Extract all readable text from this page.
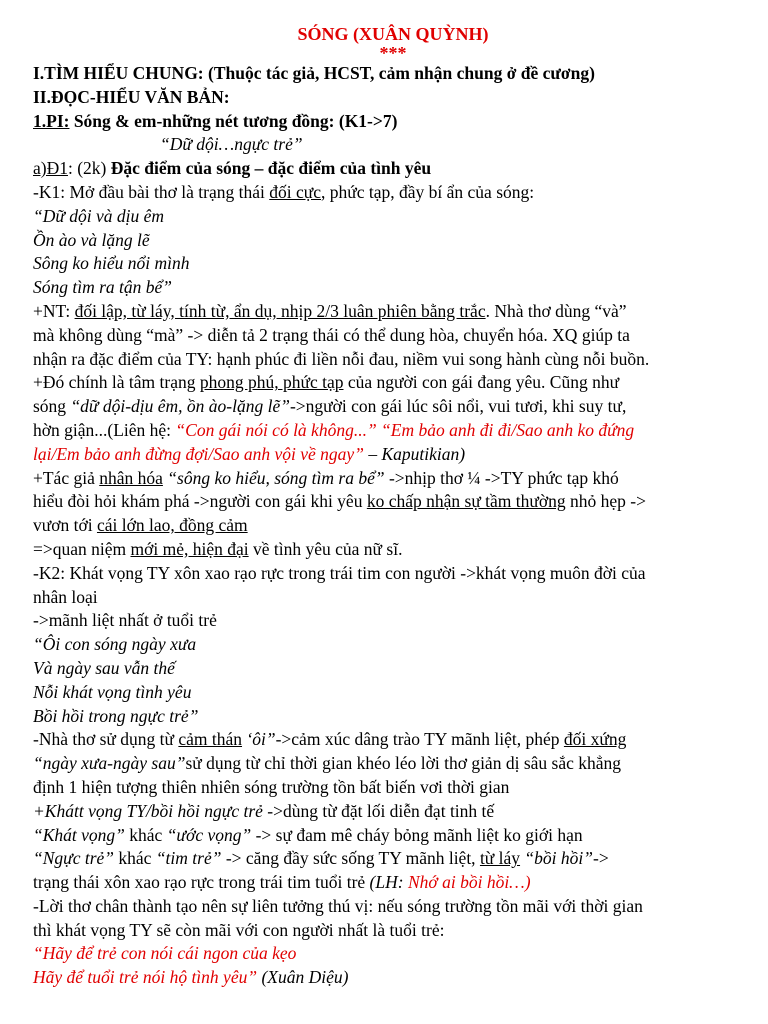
SÓNG (XUÂN QUỲNH)
***
I.TÌM HIỂU CHUNG: (Thuộc tác giả, HCST, cảm nhận chung ở đề cương)
II.ĐỌC-HIỂU VĂN BẢN:
1.PI: Sóng & em-những nét tương đồng: (K1->7)
“Dữ dội…ngực trẻ”
a)Đ1: (2k) Đặc điểm của sóng – đặc điểm của tình yêu
-K1: Mở đầu bài thơ là trạng thái đối cực, phức tạp, đầy bí ẩn của sóng:
“Dữ dội và dịu êm
Ồn ào và lặng lẽ
Sông ko hiểu nổi mình
Sóng tìm ra tận bể”
+NT: đối lập, từ láy, tính từ, ẩn dụ, nhịp 2/3 luân phiên bằng trắc. Nhà thơ dùng “và”
mà không dùng “mà” -> diễn tả 2 trạng thái có thể dung hòa, chuyển hóa. XQ giúp ta
nhận ra đặc điểm của TY: hạnh phúc đi liền nỗi đau, niềm vui song hành cùng nỗi buồn.
+Đó chính là tâm trạng phong phú, phức tạp của người con gái đang yêu. Cũng như
sóng “dữ dội-dịu êm, ồn ào-lặng lẽ”->người con gái lúc sôi nổi, vui tươi, khi suy tư,
hờn giận...(Liên hệ: “Con gái nói có là không...” “Em bảo anh đi đi/Sao anh ko đứng
lại/Em bảo anh đừng đợi/Sao anh vội về ngay” – Kaputikian)
+Tác giả nhân hóa “sông ko hiểu, sóng tìm ra bể” ->nhịp thơ ¼ ->TY phức tạp khó
hiểu đòi hỏi khám phá ->người con gái khi yêu ko chấp nhận sự tầm thường nhỏ hẹp ->
vươn tới cái lớn lao, đồng cảm
=>quan niệm mới mẻ, hiện đại về tình yêu của nữ sĩ.
-K2: Khát vọng TY xôn xao rạo rực trong trái tim con người ->khát vọng muôn đời của
nhân loại
->mãnh liệt nhất ở tuổi trẻ
“Ôi con sóng ngày xưa
Và ngày sau vẫn thế
Nỗi khát vọng tình yêu
Bồi hồi trong ngực trẻ”
-Nhà thơ sử dụng từ cảm thán ‘ôi”->cảm xúc dâng trào TY mãnh liệt, phép đối xứng
“ngày xưa-ngày sau”sử dụng từ chỉ thời gian khéo léo lời thơ giản dị sâu sắc khẳng
định 1 hiện tượng thiên nhiên sóng trường tồn bất biến vơi thời gian
+Khátt vọng TY/bồi hồi ngực trẻ ->dùng từ đặt lối diễn đạt tinh tế
“Khát vọng” khác “ước vọng” -> sự đam mê cháy bỏng mãnh liệt ko giới hạn
“Ngực trẻ” khác “tim trẻ” -> căng đầy sức sống TY mãnh liệt, từ láy “bồi hồi”->
trạng thái xôn xao rạo rực trong trái tim tuổi trẻ (LH: Nhớ ai bồi hồi…)
-Lời thơ chân thành tạo nên sự liên tưởng thú vị: nếu sóng trường tồn mãi với thời gian
thì khát vọng TY sẽ còn mãi với con người nhất là tuổi trẻ:
“Hãy để trẻ con nói cái ngon của kẹo
Hãy để tuổi trẻ nói hộ tình yêu” (Xuân Diệu)
